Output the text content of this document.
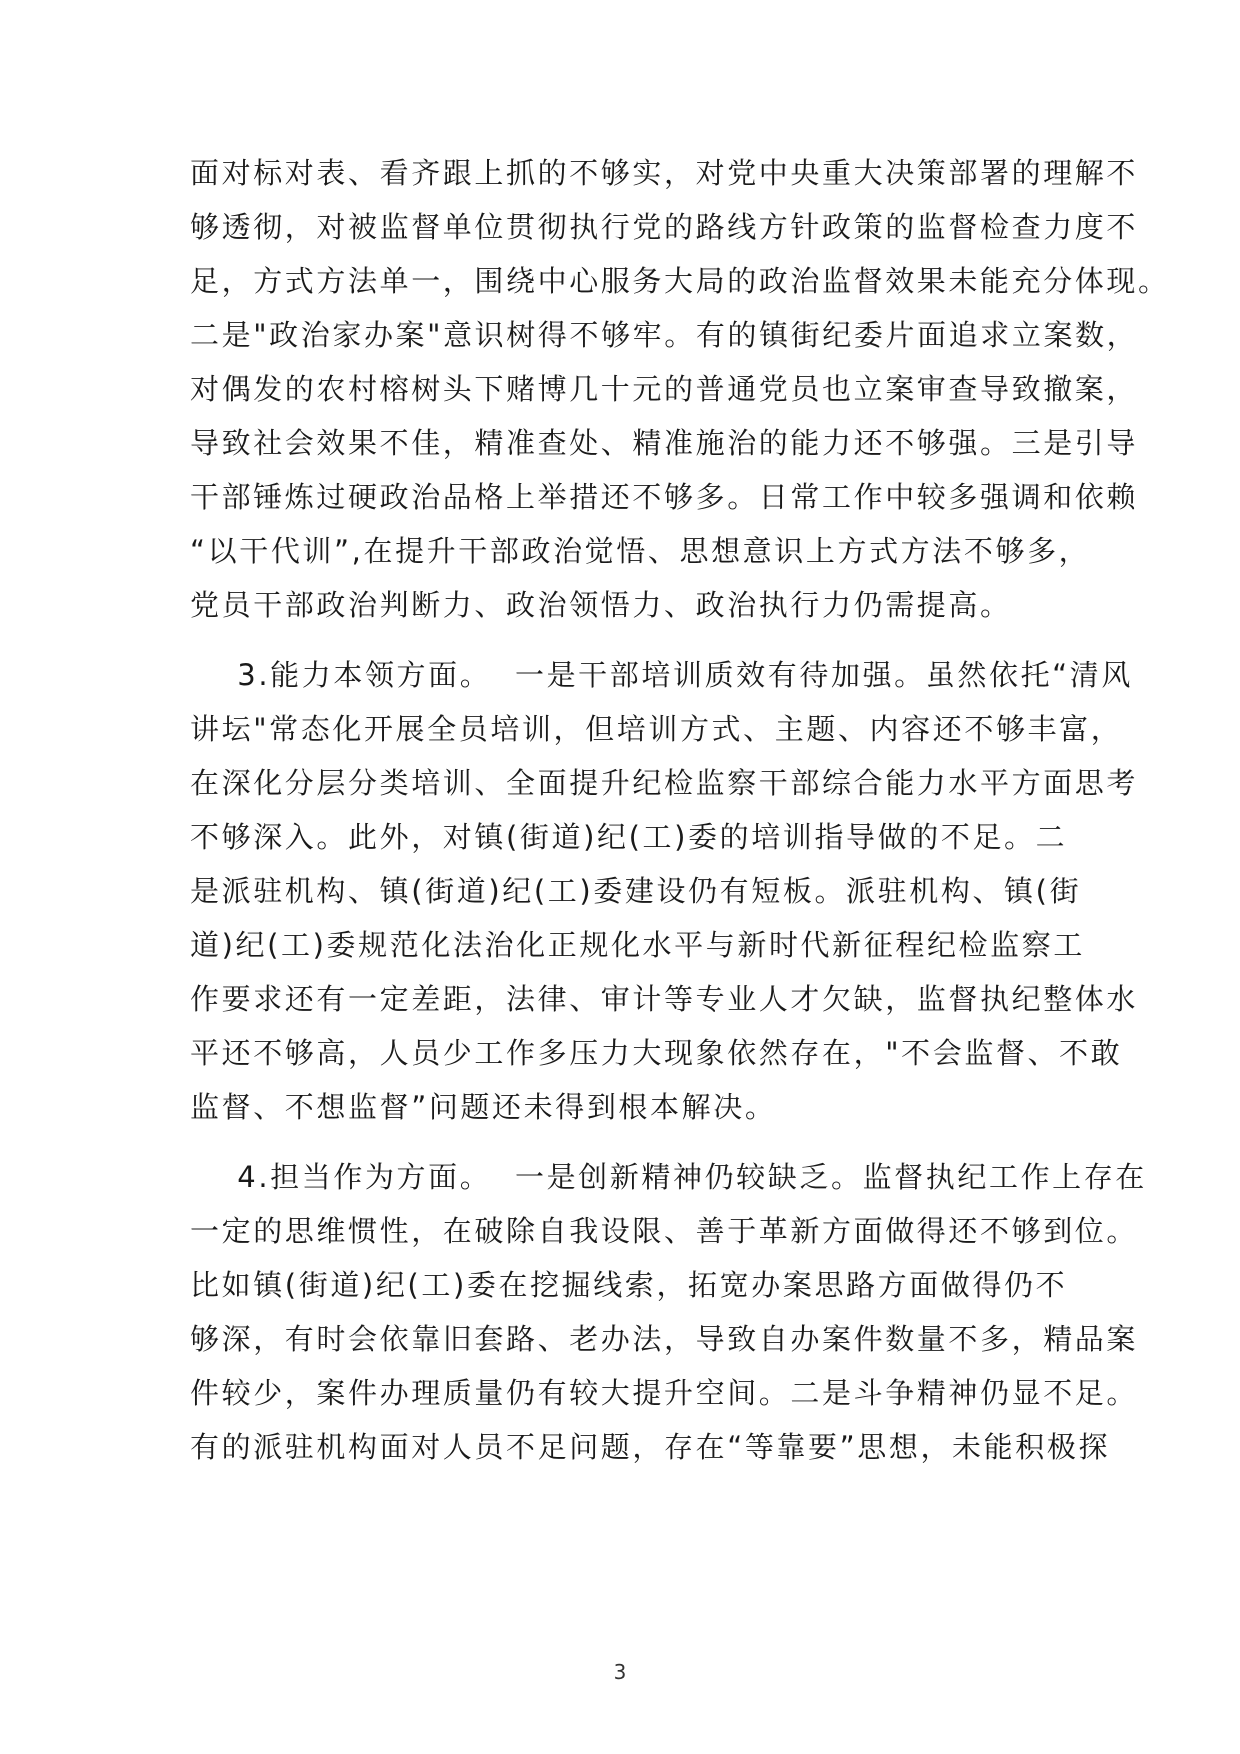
面对标对表、看齐跟上抓的不够实，对党中央重大决策部署的理解不
够透彻，对被监督单位贯彻执行党的路线方针政策的监督检查力度不
足，方式方法单一，围绕中心服务大局的政治监督效果未能充分体现。
二是"政治家办案"意识树得不够牢。有的镇街纪委片面追求立案数，
对偶发的农村榕树头下赌博几十元的普通党员也立案审查导致撤案，
导致社会效果不佳，精准查处、精准施治的能力还不够强。三是引导
干部锤炼过硬政治品格上举措还不够多。日常工作中较多强调和依赖
“以干代训”,在提升干部政治觉悟、思想意识上方式方法不够多，
党员干部政治判断力、政治领悟力、政治执行力仍需提高。
3.能力本领方面。  一是干部培训质效有待加强。虽然依托“清风
讲坛"常态化开展全员培训，但培训方式、主题、内容还不够丰富，
在深化分层分类培训、全面提升纪检监察干部综合能力水平方面思考
不够深入。此外，对镇(街道)纪(工)委的培训指导做的不足。二
是派驻机构、镇(街道)纪(工)委建设仍有短板。派驻机构、镇(街
道)纪(工)委规范化法治化正规化水平与新时代新征程纪检监察工
作要求还有一定差距，法律、审计等专业人才欠缺，监督执纪整体水
平还不够高，人员少工作多压力大现象依然存在，"不会监督、不敢
监督、不想监督”问题还未得到根本解决。
4.担当作为方面。  一是创新精神仍较缺乏。监督执纪工作上存在
一定的思维惯性，在破除自我设限、善于革新方面做得还不够到位。
比如镇(街道)纪(工)委在挖掘线索，拓宽办案思路方面做得仍不
够深，有时会依靠旧套路、老办法，导致自办案件数量不多，精品案
件较少，案件办理质量仍有较大提升空间。二是斗争精神仍显不足。
有的派驻机构面对人员不足问题，存在“等靠要”思想，未能积极探
3
